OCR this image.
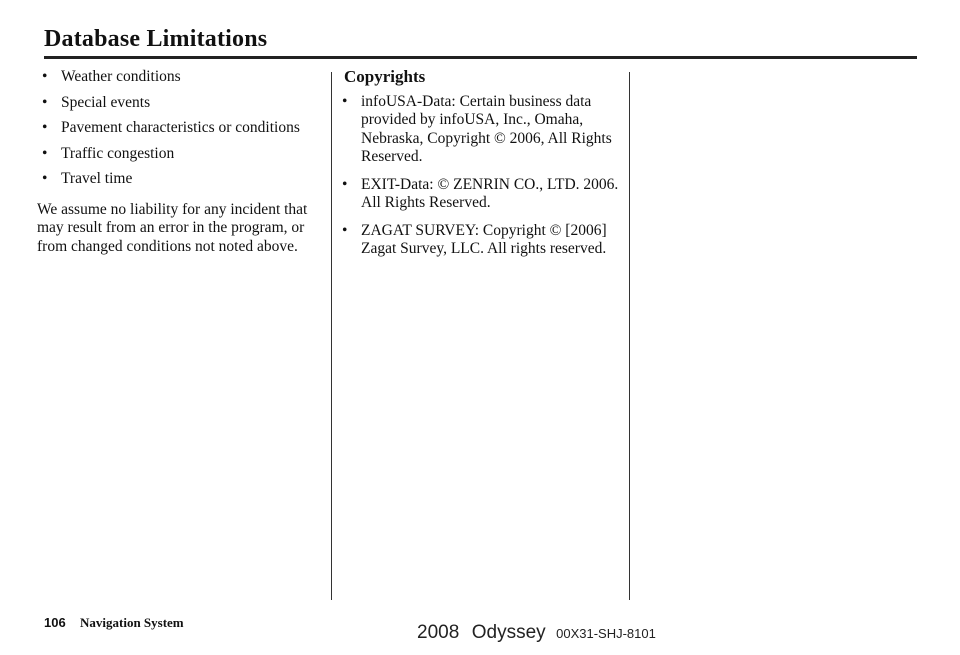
Database Limitations
• Weather conditions
• Special events
• Pavement characteristics or conditions
• Traffic congestion
• Travel time

We assume no liability for any incident that may result from an error in the program, or from changed conditions not noted above.

Copyrights
• infoUSA-Data: Certain business data provided by infoUSA, Inc., Omaha, Nebraska, Copyright © 2006, All Rights Reserved.
• EXIT-Data: © ZENRIN CO., LTD. 2006. All Rights Reserved.
• ZAGAT SURVEY: Copyright © [2006] Zagat Survey, LLC. All rights reserved.
106 Navigation System	2008 Odyssey 00X31-SHJ-8101
